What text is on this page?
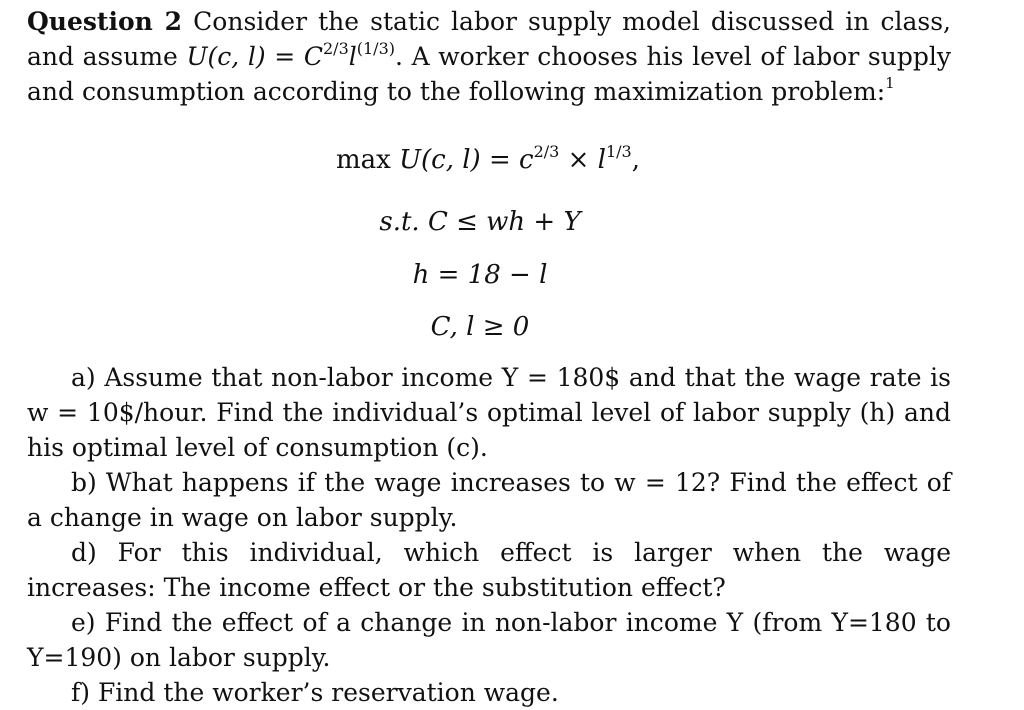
Question 2 Consider the static labor supply model discussed in class, and assume U(c, $l) = C^{2/3}l^{(1/3)}$. A worker chooses his level of labor supply and consumption according to the following maximization problem:$^1$

max U(c, $l) = c^{2/3} \times l^{1/3}$,
s.t. C ≤ wh + Y
h = 18 − l
C, l ≥ 0

a) Assume that non-labor income Y = 180$ and that the wage rate is w = 10$/hour. Find the individual’s optimal level of labor supply (h) and his optimal level of consumption (c).

b) What happens if the wage increases to w = 12? Find the effect of a change in wage on labor supply.

d) For this individual, which effect is larger when the wage increases: The income effect or the substitution effect?

e) Find the effect of a change in non-labor income Y (from Y=180 to Y=190) on labor supply.

f) Find the worker’s reservation wage.
